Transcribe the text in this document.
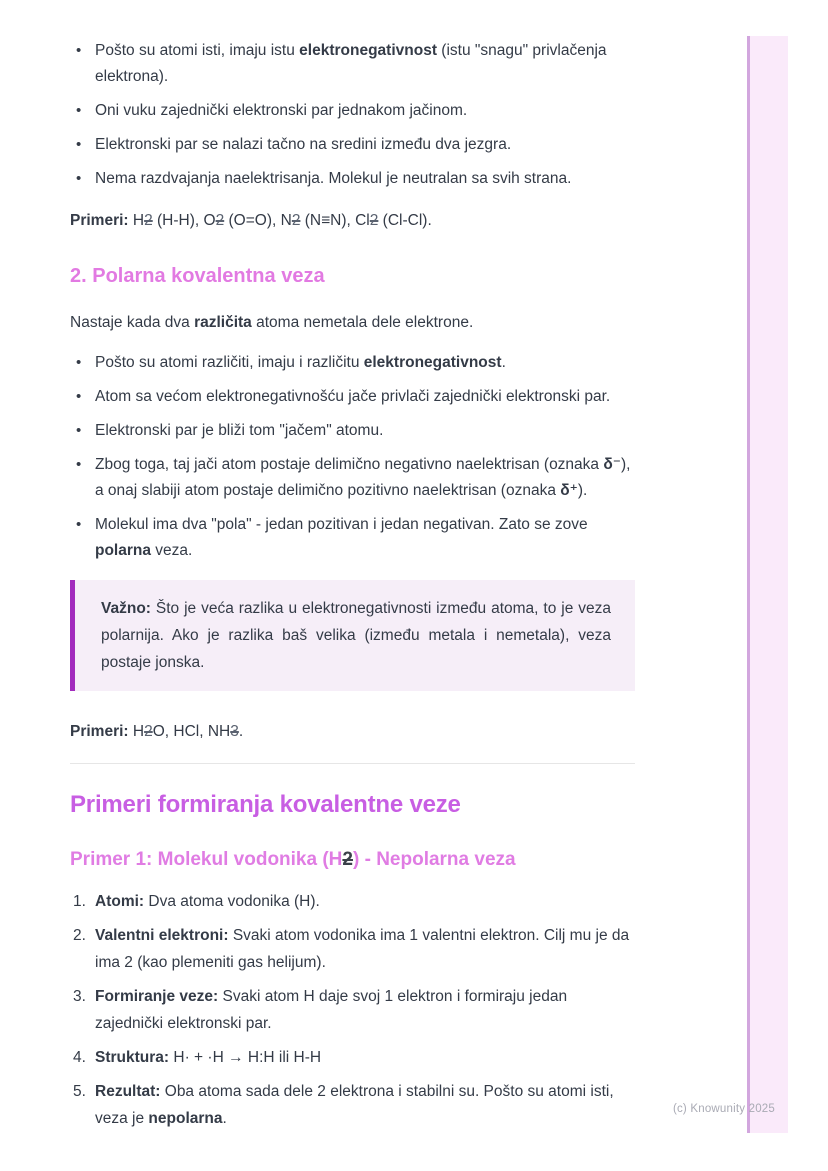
• Pošto su atomi isti, imaju istu elektronegativnost (istu "snagu" privlačenja elektrona).
• Oni vuku zajednički elektronski par jednakom jačinom.
• Elektronski par se nalazi tačno na sredini između dva jezgra.
• Nema razdvajanja naelektrisanja. Molekul je neutralan sa svih strana.

Primeri: H2 (H-H), O2 (O=O), N2 (N≡N), Cl2 (Cl-Cl).

2. Polarna kovalentna veza

Nastaje kada dva različita atoma nemetala dele elektrone.

• Pošto su atomi različiti, imaju i različitu elektronegativnost.
• Atom sa većom elektronegativnošću jače privlači zajednički elektronski par.
• Elektronski par je bliži tom "jačem" atomu.
• Zbog toga, taj jači atom postaje delimično negativno naelektrisan (oznaka δ⁻), a onaj slabiji atom postaje delimično pozitivno naelektrisan (oznaka δ⁺).
• Molekul ima dva "pola" - jedan pozitivan i jedan negativan. Zato se zove polarna veza.
Važno: Što je veća razlika u elektronegativnosti između atoma, to je veza polarnija. Ako je razlika baš velika (između metala i nemetala), veza postaje jonska.

Primeri: H2O, HCl, NH3.

Primeri formiranja kovalentne veze
Primer 1: Molekul vodonika (H2) - Nepolarna veza
Atomi: Dva atoma vodonika (H).
Valentni elektroni: Svaki atom vodonika ima 1 valentni elektron. Cilj mu je da ima 2 (kao plemeniti gas helijum).
Formiranje veze: Svaki atom H daje svoj 1 elektron i formiraju jedan zajednički elektronski par.
Struktura: H· + ·H → H:H ili H-H
Rezultat: Oba atoma sada dele 2 elektrona i stabilni su. Pošto su atomi isti, veza je nepolarna.
(c) Knowunity 2025
